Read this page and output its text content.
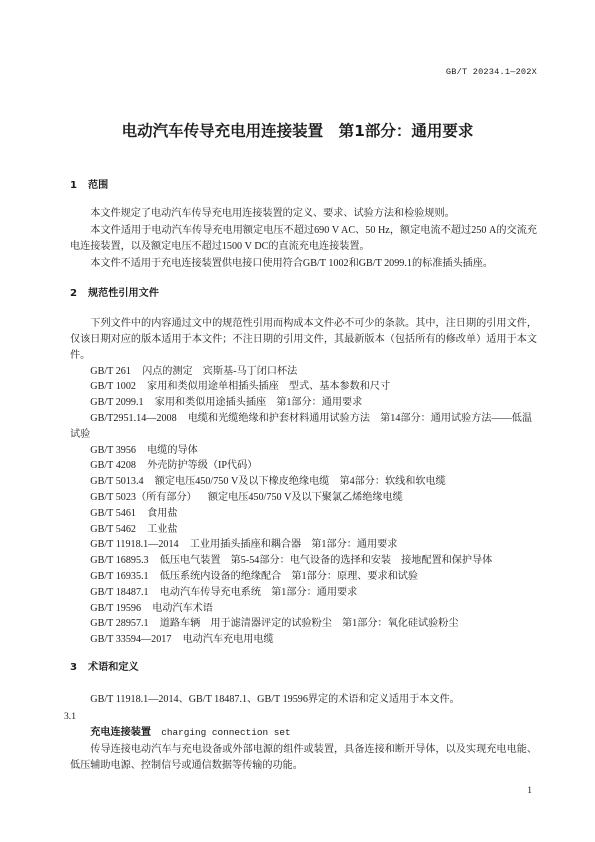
GB/T 20234.1—202X
电动汽车传导充电用连接装置　第1部分：通用要求
1 范围

本文件规定了电动汽车传导充电用连接装置的定义、要求、试验方法和检验规则。

本文件适用于电动汽车传导充电用额定电压不超过690 V AC、50 Hz，额定电流不超过250 A的交流充电连接装置，以及额定电压不超过1500 V DC的直流充电连接装置。

本文件不适用于充电连接装置供电接口使用符合GB/T 1002和GB/T 2099.1的标准插头插座。

2 规范性引用文件

下列文件中的内容通过文中的规范性引用而构成本文件必不可少的条款。其中，注日期的引用文件，仅该日期对应的版本适用于本文件；不注日期的引用文件，其最新版本（包括所有的修改单）适用于本文件。

GB/T 261 闪点的测定　宾斯基-马丁闭口杯法
GB/T 1002 家用和类似用途单相插头插座　型式、基本参数和尺寸
GB/T 2099.1 家用和类似用途插头插座　第1部分：通用要求
GB/T2951.14—2008 电缆和光缆绝缘和护套材料通用试验方法　第14部分：通用试验方法——低温试验
GB/T 3956 电缆的导体
GB/T 4208 外壳防护等级（IP代码）
GB/T 5013.4 额定电压450/750 V及以下橡皮绝缘电缆　第4部分：软线和软电缆
GB/T 5023（所有部分） 额定电压450/750 V及以下聚氯乙烯绝缘电缆
GB/T 5461 食用盐
GB/T 5462 工业盐
GB/T 11918.1—2014 工业用插头插座和耦合器　第1部分：通用要求
GB/T 16895.3 低压电气装置　第5-54部分：电气设备的选择和安装　接地配置和保护导体
GB/T 16935.1 低压系统内设备的绝缘配合　第1部分：原理、要求和试验
GB/T 18487.1 电动汽车传导充电系统　第1部分：通用要求
GB/T 19596 电动汽车术语
GB/T 28957.1 道路车辆　用于滤清器评定的试验粉尘　第1部分：氧化硅试验粉尘
GB/T 33594—2017 电动汽车充电用电缆
3 术语和定义

GB/T 11918.1—2014、GB/T 18487.1、GB/T 19596界定的术语和定义适用于本文件。

3.1
充电连接装置 charging connection set

传导连接电动汽车与充电设备或外部电源的组件或装置，具备连接和断开导体，以及实现充电电能、低压辅助电源、控制信号或通信数据等传输的功能。

1
